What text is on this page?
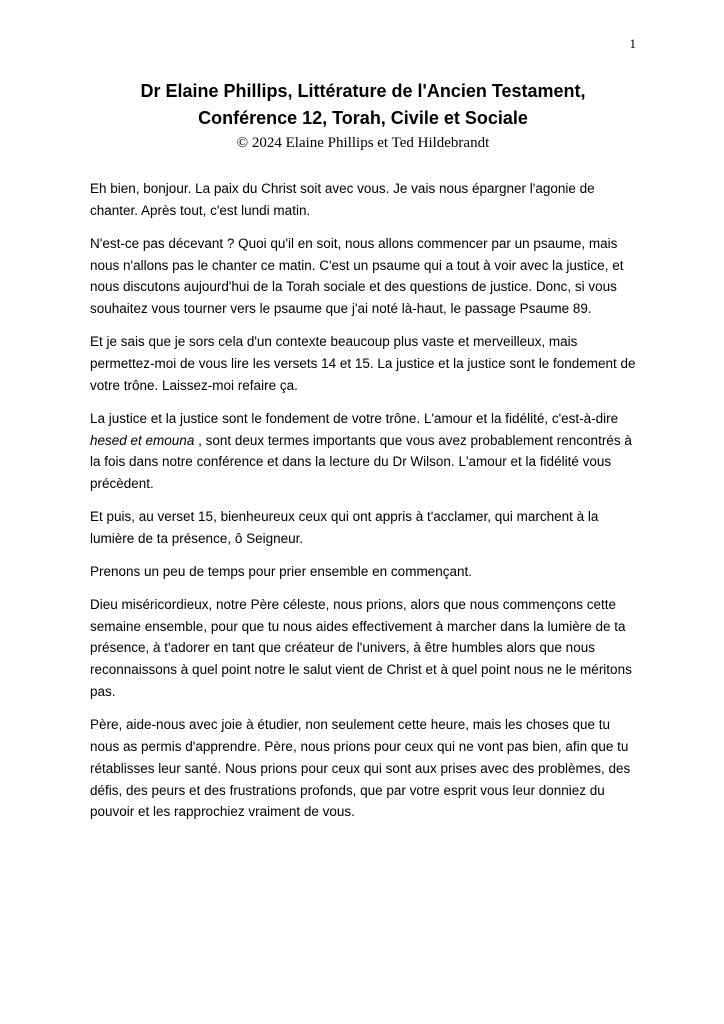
1
Dr Elaine Phillips, Littérature de l'Ancien Testament,
Conférence 12, Torah, Civile et Sociale
© 2024 Elaine Phillips et Ted Hildebrandt

Eh bien, bonjour. La paix du Christ soit avec vous. Je vais nous épargner l'agonie de chanter. Après tout, c'est lundi matin.

N'est-ce pas décevant ? Quoi qu'il en soit, nous allons commencer par un psaume, mais nous n'allons pas le chanter ce matin. C'est un psaume qui a tout à voir avec la justice, et nous discutons aujourd'hui de la Torah sociale et des questions de justice. Donc, si vous souhaitez vous tourner vers le psaume que j'ai noté là-haut, le passage Psaume 89.

Et je sais que je sors cela d'un contexte beaucoup plus vaste et merveilleux, mais permettez-moi de vous lire les versets 14 et 15. La justice et la justice sont le fondement de votre trône. Laissez-moi refaire ça.

La justice et la justice sont le fondement de votre trône. L'amour et la fidélité, c'est-à-dire hesed et emouna , sont deux termes importants que vous avez probablement rencontrés à la fois dans notre conférence et dans la lecture du Dr Wilson. L'amour et la fidélité vous précèdent.

Et puis, au verset 15, bienheureux ceux qui ont appris à t'acclamer, qui marchent à la lumière de ta présence, ô Seigneur.

Prenons un peu de temps pour prier ensemble en commençant.

Dieu miséricordieux, notre Père céleste, nous prions, alors que nous commençons cette semaine ensemble, pour que tu nous aides effectivement à marcher dans la lumière de ta présence, à t'adorer en tant que créateur de l'univers, à être humbles alors que nous reconnaissons à quel point notre le salut vient de Christ et à quel point nous ne le méritons pas.

Père, aide-nous avec joie à étudier, non seulement cette heure, mais les choses que tu nous as permis d'apprendre. Père, nous prions pour ceux qui ne vont pas bien, afin que tu rétablisses leur santé. Nous prions pour ceux qui sont aux prises avec des problèmes, des défis, des peurs et des frustrations profonds, que par votre esprit vous leur donniez du pouvoir et les rapprochiez vraiment de vous.
